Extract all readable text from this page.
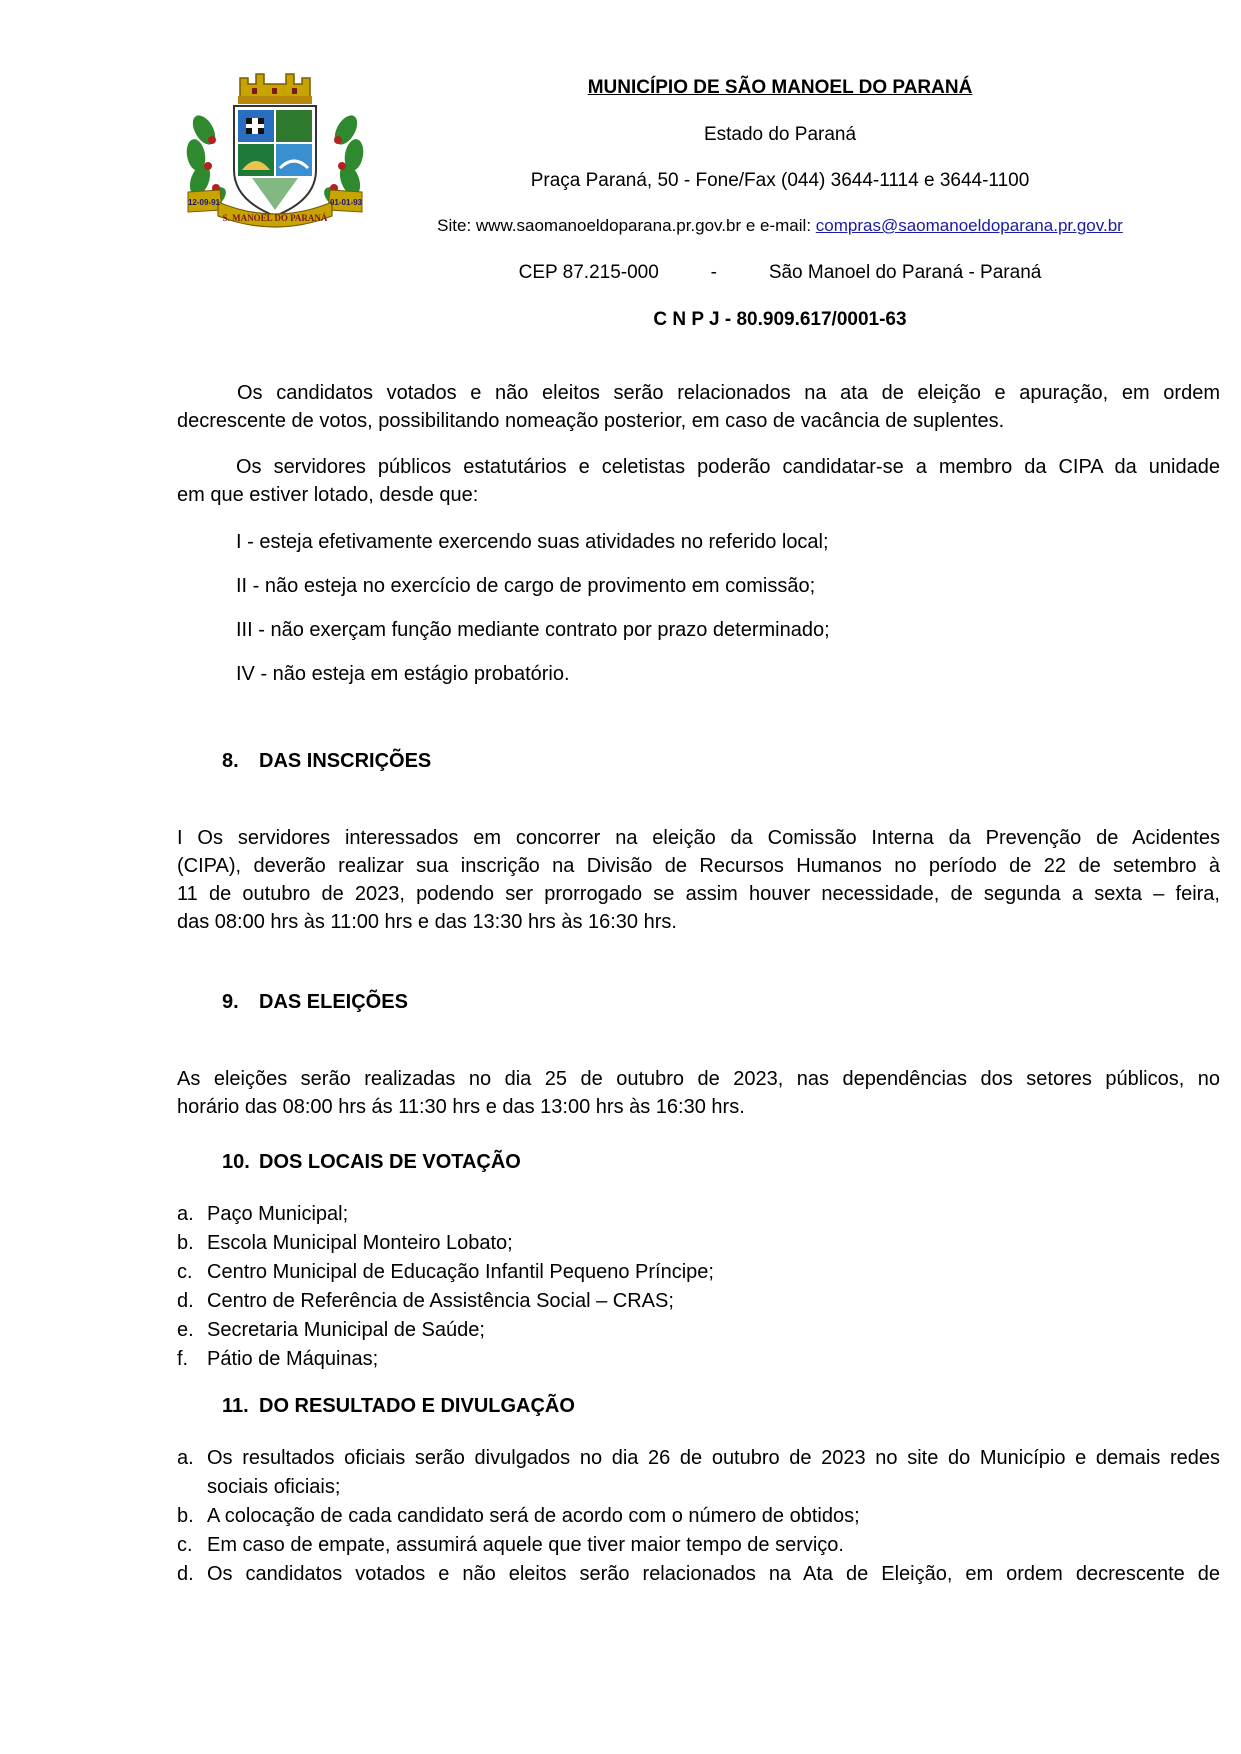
12-09-91	01-01-93
S. MANOEL DO PARANÁ
MUNICÍPIO DE SÃO MANOEL DO PARANÁ
Estado do Paraná
Praça Paraná, 50 - Fone/Fax (044) 3644-1114 e 3644-1100
Site: www.saomanoeldoparana.pr.gov.br e e-mail: compras@saomanoeldoparana.pr.gov.br
CEP 87.215-000	-	São Manoel do Paraná - Paraná
C N P J - 80.909.617/0001-63
Os candidatos votados e não eleitos serão relacionados na ata de eleição e apuração, em ordem
decrescente de votos, possibilitando nomeação posterior, em caso de vacância de suplentes.
Os servidores públicos estatutários e celetistas poderão candidatar-se a membro da CIPA da unidade
em que estiver lotado, desde que:
I - esteja efetivamente exercendo suas atividades no referido local;
II - não esteja no exercício de cargo de provimento em comissão;
III - não exerçam função mediante contrato por prazo determinado;
IV - não esteja em estágio probatório.
8. DAS INSCRIÇÕES
I Os servidores interessados em concorrer na eleição da Comissão Interna da Prevenção de Acidentes
(CIPA), deverão realizar sua inscrição na Divisão de Recursos Humanos no período de 22 de setembro à
11 de outubro de 2023, podendo ser prorrogado se assim houver necessidade, de segunda a sexta – feira,
das 08:00 hrs às 11:00 hrs e das 13:30 hrs às 16:30 hrs.
9. DAS ELEIÇÕES
As eleições serão realizadas no dia 25 de outubro de 2023, nas dependências dos setores públicos, no
horário das 08:00 hrs ás 11:30 hrs e das 13:00 hrs às 16:30 hrs.
10. DOS LOCAIS DE VOTAÇÃO
a. Paço Municipal;
b. Escola Municipal Monteiro Lobato;
c. Centro Municipal de Educação Infantil Pequeno Príncipe;
d. Centro de Referência de Assistência Social – CRAS;
e. Secretaria Municipal de Saúde;
f. Pátio de Máquinas;
11. DO RESULTADO E DIVULGAÇÃO
a. Os resultados oficiais serão divulgados no dia 26 de outubro de 2023 no site do Município e demais redes
sociais oficiais;
b. A colocação de cada candidato será de acordo com o número de obtidos;
c. Em caso de empate, assumirá aquele que tiver maior tempo de serviço.
d. Os candidatos votados e não eleitos serão relacionados na Ata de Eleição, em ordem decrescente de
